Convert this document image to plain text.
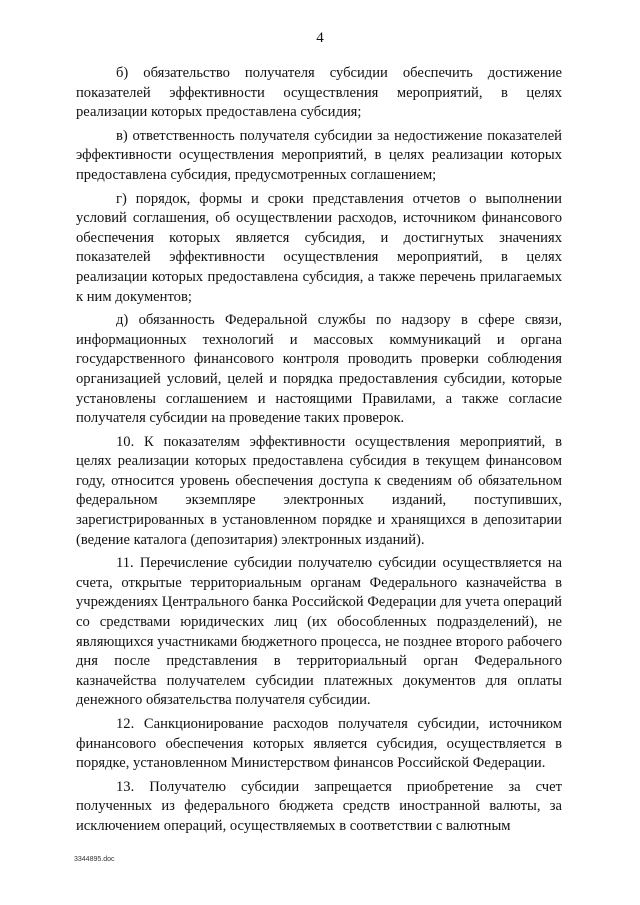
4

б) обязательство получателя субсидии обеспечить достижение показателей эффективности осуществления мероприятий, в целях реализации которых предоставлена субсидия;

в) ответственность получателя субсидии за недостижение показателей эффективности осуществления мероприятий, в целях реализации которых предоставлена субсидия, предусмотренных соглашением;

г) порядок, формы и сроки представления отчетов о выполнении условий соглашения, об осуществлении расходов, источником финансового обеспечения которых является субсидия, и достигнутых значениях показателей эффективности осуществления мероприятий, в целях реализации которых предоставлена субсидия, а также перечень прилагаемых к ним документов;

д) обязанность Федеральной службы по надзору в сфере связи, информационных технологий и массовых коммуникаций и органа государственного финансового контроля проводить проверки соблюдения организацией условий, целей и порядка предоставления субсидии, которые установлены соглашением и настоящими Правилами, а также согласие получателя субсидии на проведение таких проверок.

10. К показателям эффективности осуществления мероприятий, в целях реализации которых предоставлена субсидия в текущем финансовом году, относится уровень обеспечения доступа к сведениям об обязательном федеральном экземпляре электронных изданий, поступивших, зарегистрированных в установленном порядке и хранящихся в депозитарии (ведение каталога (депозитария) электронных изданий).

11. Перечисление субсидии получателю субсидии осуществляется на счета, открытые территориальным органам Федерального казначейства в учреждениях Центрального банка Российской Федерации для учета операций со средствами юридических лиц (их обособленных подразделений), не являющихся участниками бюджетного процесса, не позднее второго рабочего дня после представления в территориальный орган Федерального казначейства получателем субсидии платежных документов для оплаты денежного обязательства получателя субсидии.

12. Санкционирование расходов получателя субсидии, источником финансового обеспечения которых является субсидия, осуществляется в порядке, установленном Министерством финансов Российской Федерации.

13. Получателю субсидии запрещается приобретение за счет полученных из федерального бюджета средств иностранной валюты, за исключением операций, осуществляемых в соответствии с валютным

3344895.doc
